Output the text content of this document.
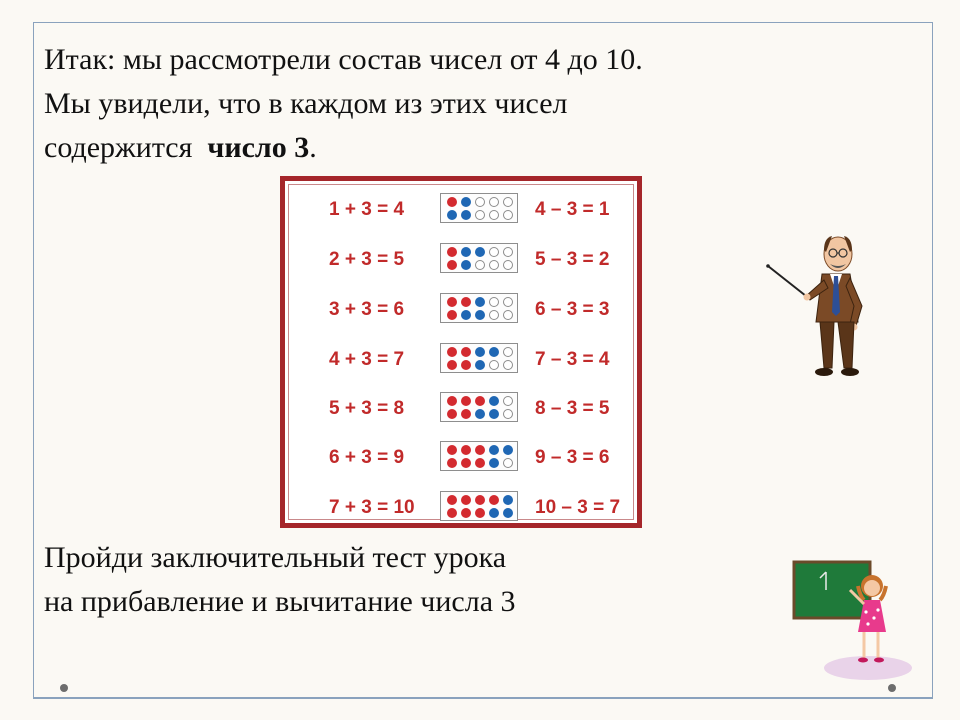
Итак: мы рассмотрели состав чисел от 4 до 10.
Мы увидели, что в каждом из этих чисел
содержится число 3.
1 + 3 = 4	4 – 3 = 1
2 + 3 = 5	5 – 3 = 2
3 + 3 = 6	6 – 3 = 3
4 + 3 = 7	7 – 3 = 4
5 + 3 = 8	8 – 3 = 5
6 + 3 = 9	9 – 3 = 6
7 + 3 = 10	10 – 3 = 7
Пройди заключительный тест урока
на прибавление и вычитание числа 3
